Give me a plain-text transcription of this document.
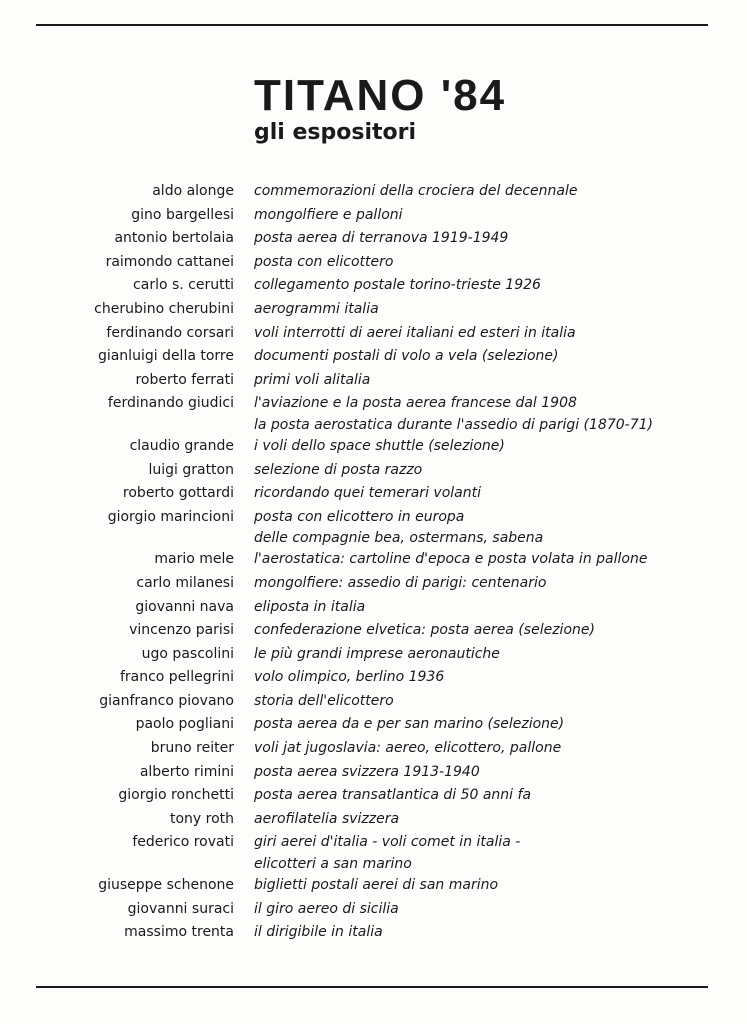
TITANO '84
gli espositori
aldo alonge commemorazioni della crociera del decennale
gino bargellesi mongolfiere e palloni
antonio bertolaia posta aerea di terranova 1919-1949
raimondo cattanei posta con elicottero
carlo s. cerutti collegamento postale torino-trieste 1926
cherubino cherubini aerogrammi italia
ferdinando corsari voli interrotti di aerei italiani ed esteri in italia
gianluigi della torre documenti postali di volo a vela (selezione)
roberto ferrati primi voli alitalia
ferdinando giudici l'aviazione e la posta aerea francese dal 1908
la posta aerostatica durante l'assedio di parigi (1870-71)
claudio grande i voli dello space shuttle (selezione)
luigi gratton selezione di posta razzo
roberto gottardi ricordando quei temerari volanti
giorgio marincioni posta con elicottero in europa
delle compagnie bea, ostermans, sabena
mario mele l'aerostatica: cartoline d'epoca e posta volata in pallone
carlo milanesi mongolfiere: assedio di parigi: centenario
giovanni nava eliposta in italia
vincenzo parisi confederazione elvetica: posta aerea (selezione)
ugo pascolini le più grandi imprese aeronautiche
franco pellegrini volo olimpico, berlino 1936
gianfranco piovano storia dell'elicottero
paolo pogliani posta aerea da e per san marino (selezione)
bruno reiter voli jat jugoslavia: aereo, elicottero, pallone
alberto rimini posta aerea svizzera 1913-1940
giorgio ronchetti posta aerea transatlantica di 50 anni fa
tony roth aerofilatelia svizzera
federico rovati giri aerei d'italia - voli comet in italia -
elicotteri a san marino
giuseppe schenone biglietti postali aerei di san marino
giovanni suraci il giro aereo di sicilia
massimo trenta il dirigibile in italia
